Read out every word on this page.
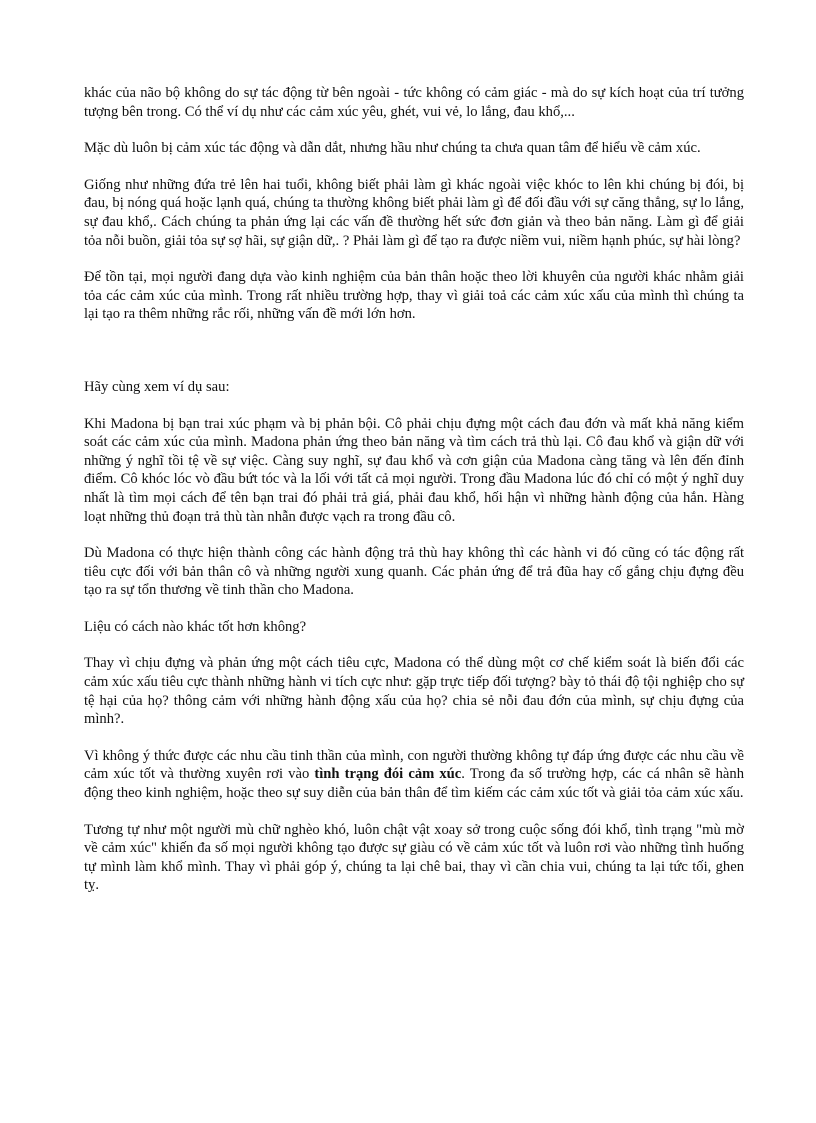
khác của não bộ không do sự tác động từ bên ngoài - tức không có cảm giác - mà do sự kích hoạt của trí tưởng tượng bên trong. Có thể ví dụ như các cảm xúc yêu, ghét, vui vẻ, lo lắng, đau khổ,...

Mặc dù luôn bị cảm xúc tác động và dẫn dắt, nhưng hầu như chúng ta chưa quan tâm để hiểu về cảm xúc.

Giống như những đứa trẻ lên hai tuổi, không biết phải làm gì khác ngoài việc khóc to lên khi chúng bị đói, bị đau, bị nóng quá hoặc lạnh quá, chúng ta thường không biết phải làm gì để đối đầu với sự căng thẳng, sự lo lắng, sự đau khổ,. Cách chúng ta phản ứng lại các vấn đề thường hết sức đơn giản và theo bản năng. Làm gì để giải tỏa nỗi buồn, giải tỏa sự sợ hãi, sự giận dữ,. ? Phải làm gì để tạo ra được niềm vui, niềm hạnh phúc, sự hài lòng?

Để tồn tại, mọi người đang dựa vào kinh nghiệm của bản thân hoặc theo lời khuyên của người khác nhằm giải tỏa các cảm xúc của mình. Trong rất nhiều trường hợp, thay vì giải toả các cảm xúc xấu của mình thì chúng ta lại tạo ra thêm những rắc rối, những vấn đề mới lớn hơn.

Hãy cùng xem ví dụ sau:

Khi Madona bị bạn trai xúc phạm và bị phản bội. Cô phải chịu đựng một cách đau đớn và mất khả năng kiểm soát các cảm xúc của mình. Madona phản ứng theo bản năng và tìm cách trả thù lại. Cô đau khổ và giận dữ với những ý nghĩ tồi tệ về sự việc. Càng suy nghĩ, sự đau khổ và cơn giận của Madona càng tăng và lên đến đỉnh điểm. Cô khóc lóc vò đầu bứt tóc và la lối với tất cả mọi người. Trong đầu Madona lúc đó chỉ có một ý nghĩ duy nhất là tìm mọi cách để tên bạn trai đó phải trả giá, phải đau khổ, hối hận vì những hành động của hắn. Hàng loạt những thủ đoạn trả thù tàn nhẫn được vạch ra trong đầu cô.

Dù Madona có thực hiện thành công các hành động trả thù hay không thì các hành vi đó cũng có tác động rất tiêu cực đối với bản thân cô và những người xung quanh. Các phản ứng để trả đũa hay cố gắng chịu đựng đều tạo ra sự tổn thương về tinh thần cho Madona.

Liệu có cách nào khác tốt hơn không?

Thay vì chịu đựng và phản ứng một cách tiêu cực, Madona có thể dùng một cơ chế kiểm soát là biến đổi các cảm xúc xấu tiêu cực thành những hành vi tích cực như: gặp trực tiếp đối tượng? bày tỏ thái độ tội nghiệp cho sự tệ hại của họ? thông cảm với những hành động xấu của họ? chia sẻ nỗi đau đớn của mình, sự chịu đựng của mình?.

Vì không ý thức được các nhu cầu tinh thần của mình, con người thường không tự đáp ứng được các nhu cầu về cảm xúc tốt và thường xuyên rơi vào tình trạng đói cảm xúc. Trong đa số trường hợp, các cá nhân sẽ hành động theo kinh nghiệm, hoặc theo sự suy diễn của bản thân để tìm kiếm các cảm xúc tốt và giải tỏa cảm xúc xấu.

Tương tự như một người mù chữ nghèo khó, luôn chật vật xoay sở trong cuộc sống đói khổ, tình trạng "mù mờ về cảm xúc" khiến đa số mọi người không tạo được sự giàu có về cảm xúc tốt và luôn rơi vào những tình huống tự mình làm khổ mình. Thay vì phải góp ý, chúng ta lại chê bai, thay vì cần chia vui, chúng ta lại tức tối, ghen tỵ.
